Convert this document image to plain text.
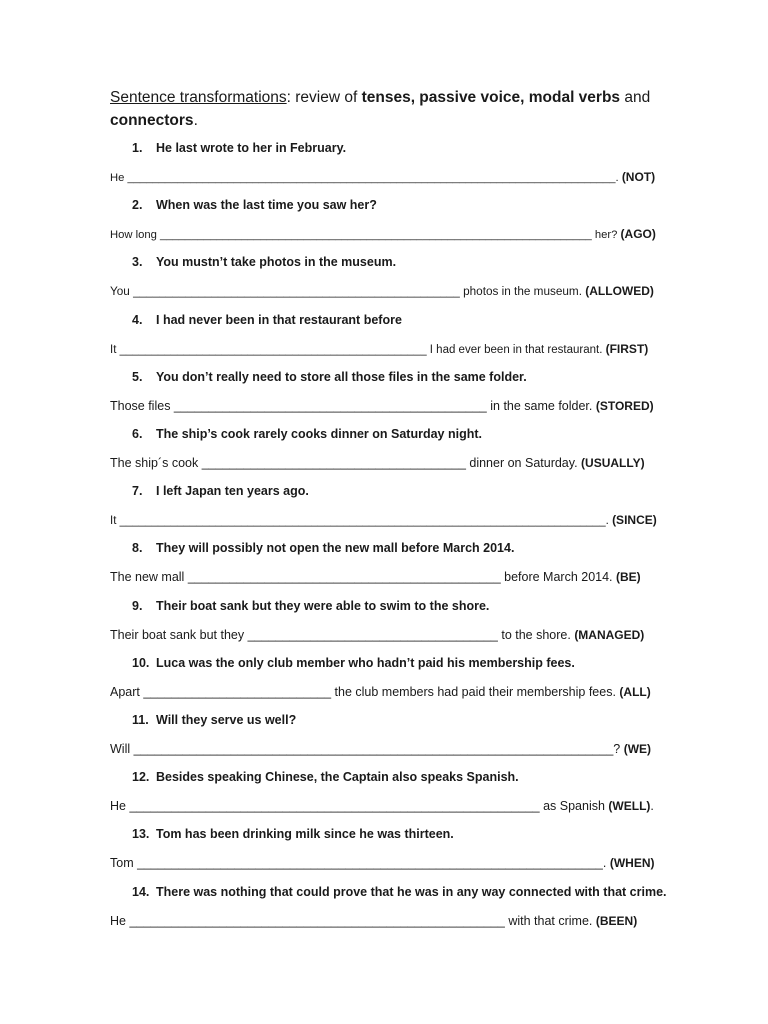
Sentence transformations: review of tenses, passive voice, modal verbs and connectors.
1. He last wrote to her in February.
He ______________________________________________________________________________. (NOT)
2. When was the last time you saw her?
How long _____________________________________________________________________ her? (AGO)
3. You mustn’t take photos in the museum.
You __________________________________________________ photos in the museum. (ALLOWED)
4. I had never been in that restaurant before
It ________________________________________________ I had ever been in that restaurant. (FIRST)
5. You don’t really need to store all those files in the same folder.
Those files _____________________________________________ in the same folder. (STORED)
6. The ship’s cook rarely cooks dinner on Saturday night.
The ship´s cook ______________________________________ dinner on Saturday. (USUALLY)
7. I left Japan ten years ago.
It ____________________________________________________________________________. (SINCE)
8. They will possibly not open the new mall before March 2014.
The new mall _____________________________________________ before March 2014. (BE)
9. Their boat sank but they were able to swim to the shore.
Their boat sank but they ____________________________________ to the shore. (MANAGED)
10. Luca was the only club member who hadn’t paid his membership fees.
Apart ___________________________ the club members had paid their membership fees. (ALL)
11. Will they serve us well?
Will _____________________________________________________________________? (WE)
12. Besides speaking Chinese, the Captain also speaks Spanish.
He ___________________________________________________________ as Spanish (WELL).
13. Tom has been drinking milk since he was thirteen.
Tom ___________________________________________________________________. (WHEN)
14. There was nothing that could prove that he was in any way connected with that crime.
He ______________________________________________________ with that crime. (BEEN)
